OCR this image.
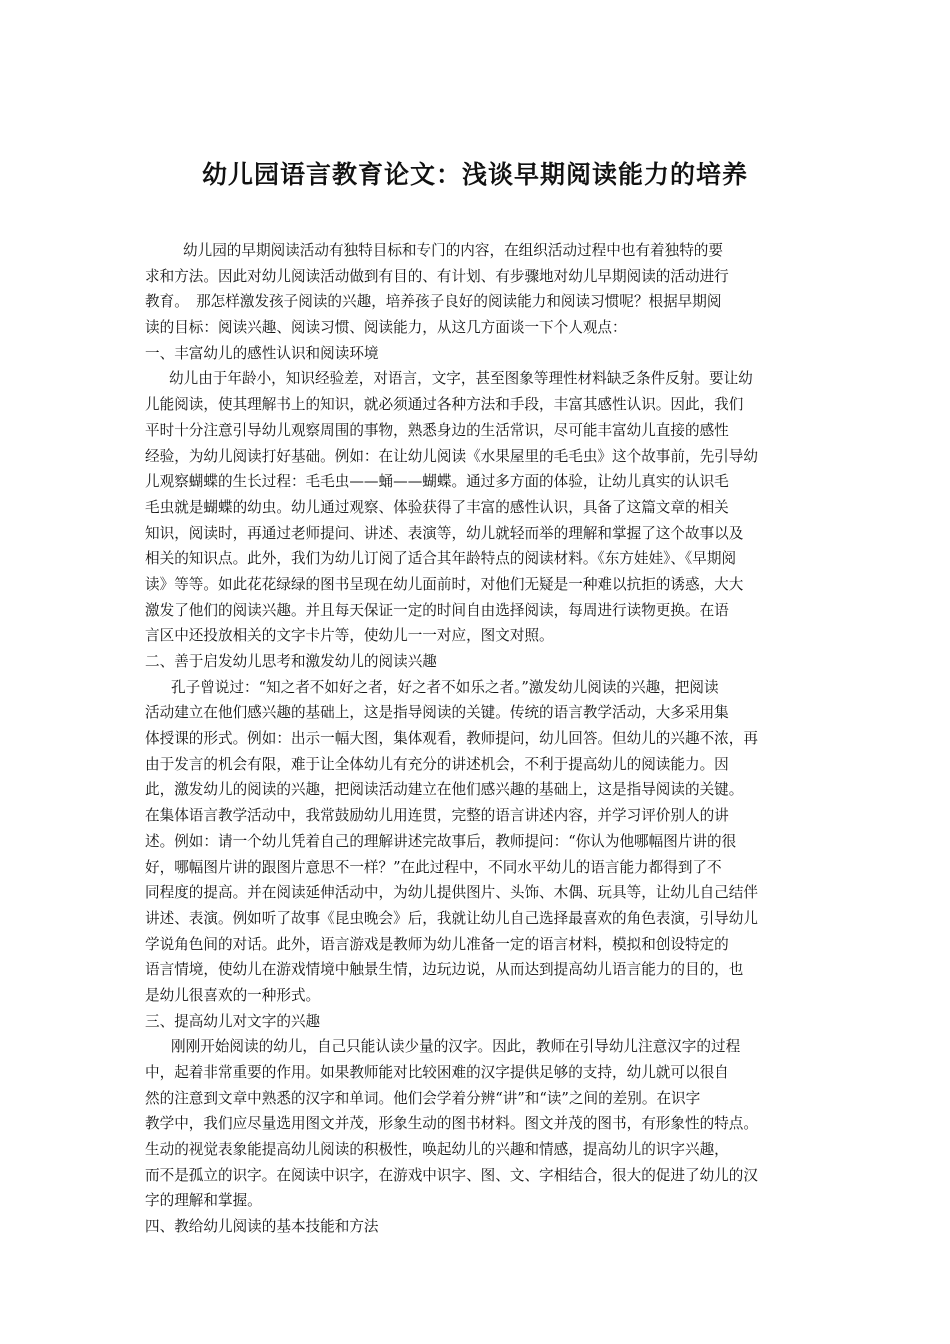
幼儿园语言教育论文：浅谈早期阅读能力的培养
幼儿园的早期阅读活动有独特目标和专门的内容，在组织活动过程中也有着独特的要
求和方法。因此对幼儿阅读活动做到有目的、有计划、有步骤地对幼儿早期阅读的活动进行
教育。　那怎样激发孩子阅读的兴趣，培养孩子良好的阅读能力和阅读习惯呢？根据早期阅
读的目标：阅读兴趣、阅读习惯、阅读能力，从这几方面谈一下个人观点：
一、丰富幼儿的感性认识和阅读环境
幼儿由于年龄小，知识经验差，对语言，文字，甚至图象等理性材料缺乏条件反射。要让幼
儿能阅读，使其理解书上的知识，就必须通过各种方法和手段，丰富其感性认识。因此，我们
平时十分注意引导幼儿观察周围的事物，熟悉身边的生活常识，尽可能丰富幼儿直接的感性
经验，为幼儿阅读打好基础。例如：在让幼儿阅读《水果屋里的毛毛虫》这个故事前，先引导幼
儿观察蝴蝶的生长过程：毛毛虫——蛹——蝴蝶。通过多方面的体验，让幼儿真实的认识毛
毛虫就是蝴蝶的幼虫。幼儿通过观察、体验获得了丰富的感性认识，具备了这篇文章的相关
知识，阅读时，再通过老师提问、讲述、表演等，幼儿就轻而举的理解和掌握了这个故事以及
相关的知识点。此外，我们为幼儿订阅了适合其年龄特点的阅读材料。《东方娃娃》、《早期阅
读》等等。如此花花绿绿的图书呈现在幼儿面前时，对他们无疑是一种难以抗拒的诱惑，大大
激发了他们的阅读兴趣。并且每天保证一定的时间自由选择阅读，每周进行读物更换。在语
言区中还投放相关的文字卡片等，使幼儿一一对应，图文对照。
二、善于启发幼儿思考和激发幼儿的阅读兴趣
孔子曾说过：“知之者不如好之者，好之者不如乐之者。”激发幼儿阅读的兴趣，把阅读
活动建立在他们感兴趣的基础上，这是指导阅读的关键。传统的语言教学活动，大多采用集
体授课的形式。例如：出示一幅大图，集体观看，教师提问，幼儿回答。但幼儿的兴趣不浓，再
由于发言的机会有限，难于让全体幼儿有充分的讲述机会，不利于提高幼儿的阅读能力。因
此，激发幼儿的阅读的兴趣，把阅读活动建立在他们感兴趣的基础上，这是指导阅读的关键。
在集体语言教学活动中，我常鼓励幼儿用连贯，完整的语言讲述内容，并学习评价别人的讲
述。例如：请一个幼儿凭着自己的理解讲述完故事后，教师提问：“你认为他哪幅图片讲的很
好，哪幅图片讲的跟图片意思不一样？”在此过程中，不同水平幼儿的语言能力都得到了不
同程度的提高。并在阅读延伸活动中，为幼儿提供图片、头饰、木偶、玩具等，让幼儿自己结伴
讲述、表演。例如听了故事《昆虫晚会》后，我就让幼儿自己选择最喜欢的角色表演，引导幼儿
学说角色间的对话。此外，语言游戏是教师为幼儿准备一定的语言材料，模拟和创设特定的
语言情境，使幼儿在游戏情境中触景生情，边玩边说，从而达到提高幼儿语言能力的目的，也
是幼儿很喜欢的一种形式。
三、提高幼儿对文字的兴趣
刚刚开始阅读的幼儿，自己只能认读少量的汉字。因此，教师在引导幼儿注意汉字的过程
中，起着非常重要的作用。如果教师能对比较困难的汉字提供足够的支持，幼儿就可以很自
然的注意到文章中熟悉的汉字和单词。他们会学着分辨“讲”和“读”之间的差别。在识字
教学中，我们应尽量选用图文并茂，形象生动的图书材料。图文并茂的图书，有形象性的特点。
生动的视觉表象能提高幼儿阅读的积极性，唤起幼儿的兴趣和情感，提高幼儿的识字兴趣，
而不是孤立的识字。在阅读中识字，在游戏中识字、图、文、字相结合，很大的促进了幼儿的汉
字的理解和掌握。
四、教给幼儿阅读的基本技能和方法
